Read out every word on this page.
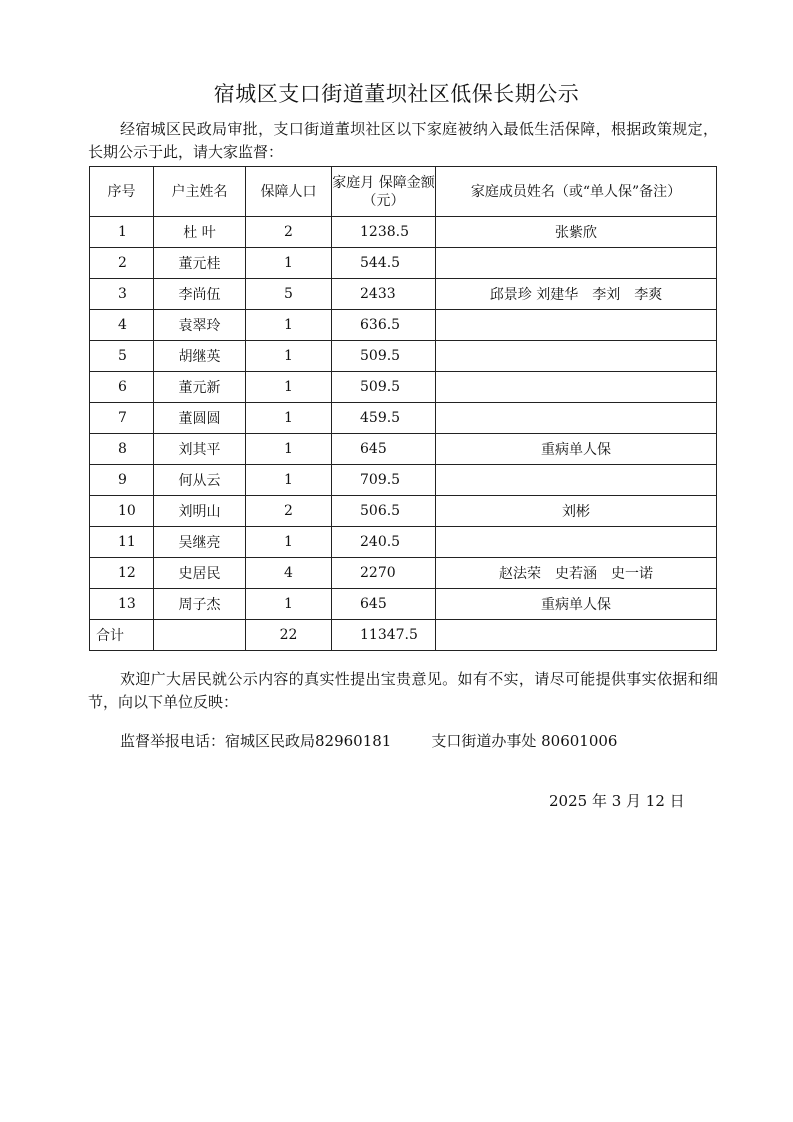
宿城区支口街道董坝社区低保长期公示
经宿城区民政局审批，支口街道董坝社区以下家庭被纳入最低生活保障，根据政策规定，长期公示于此，请大家监督：
序号	户主姓名	保障人口	家庭月 保障金额（元）	家庭成员姓名（或“单人保”备注）
1	杜 叶	2	1238.5	张紫欣
2	董元桂	1	544.5	
3	李尚伍	5	2433	邱景珍 刘建华　李刘　李爽
4	袁翠玲	1	636.5	
5	胡继英	1	509.5	
6	董元新	1	509.5	
7	董圆圆	1	459.5	
8	刘其平	1	645	重病单人保
9	何从云	1	709.5	
10	刘明山	2	506.5	刘彬
11	吴继亮	1	240.5	
12	史居民	4	2270	赵法荣　史若涵　史一诺
13	周子杰	1	645	重病单人保
合计		22	11347.5	
欢迎广大居民就公示内容的真实性提出宝贵意见。如有不实，请尽可能提供事实依据和细节，向以下单位反映：
监督举报电话：宿城区民政局82960181	支口街道办事处 80601006
2025 年 3 月 12 日
